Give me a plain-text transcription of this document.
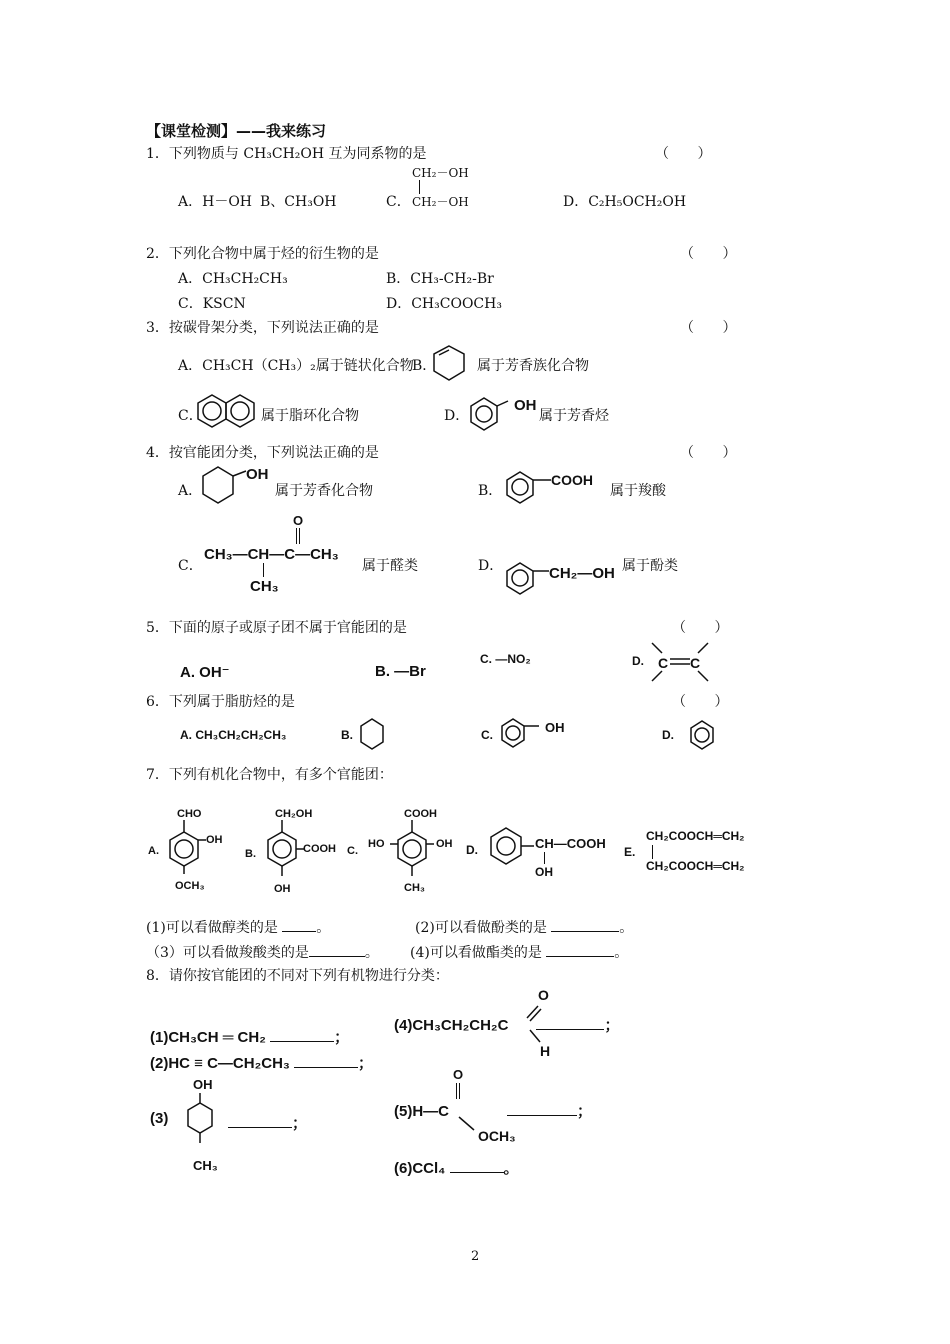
【课堂检测】——我来练习
1．下列物质与 CH₃CH₂OH 互为同系物的是	（ ）
A．H－OH B、CH₃OH	C．
CH₂－OH
CH₂－OH	D．C₂H₅OCH₂OH
2．下列化合物中属于烃的衍生物的是	（ ）
A．CH₃CH₂CH₃	B．CH₃-CH₂-Br
C．KSCN	D．CH₃COOCH₃
3．按碳骨架分类，下列说法正确的是	（ ）
A．CH₃CH（CH₃）₂属于链状化合物
B．	属于芳香族化合物
C．	属于脂环化合物	D．
OH
属于芳香烃
4．按官能团分类，下列说法正确的是	（ ）
A．
OH
属于芳香化合物	B．
COOH
属于羧酸
C．
O
CH₃—CH—C—CH₃
CH₃
属于醛类	D．	CH₂—OH 属于酚类
5．下面的原子或原子团不属于官能团的是	（ ）
A. OH⁻	B. —Br
C. —NO₂	D. C C
6．下列属于脂肪烃的是	（ ）
A. CH₃CH₂CH₂CH₃	B.	C.	OH	D.
7．下列有机化合物中，有多个官能团：
A.
CHO
OH
OCH₃
B.
CH₂OH
COOH
OH
C.
COOH
HO	OH
CH₃
D.	CH—COOH
OH
E.
CH₂COOCH═CH₂
CH₂COOCH═CH₂
(1)可以看做醇类的是	。	(2)可以看做酚类的是	。
（3）可以看做羧酸类的是	。 (4)可以看做酯类的是	。
8．请你按官能团的不同对下列有机物进行分类：
(1)CH₃CH ═ CH₂	；
(2)HC ≡ C—CH₂CH₃	；
(3)
OH
CH₃
；
O
(4)CH₃CH₂CH₂C	；
H
O
(5)H—C	；
OCH₃
(6)CCl₄	。
2
